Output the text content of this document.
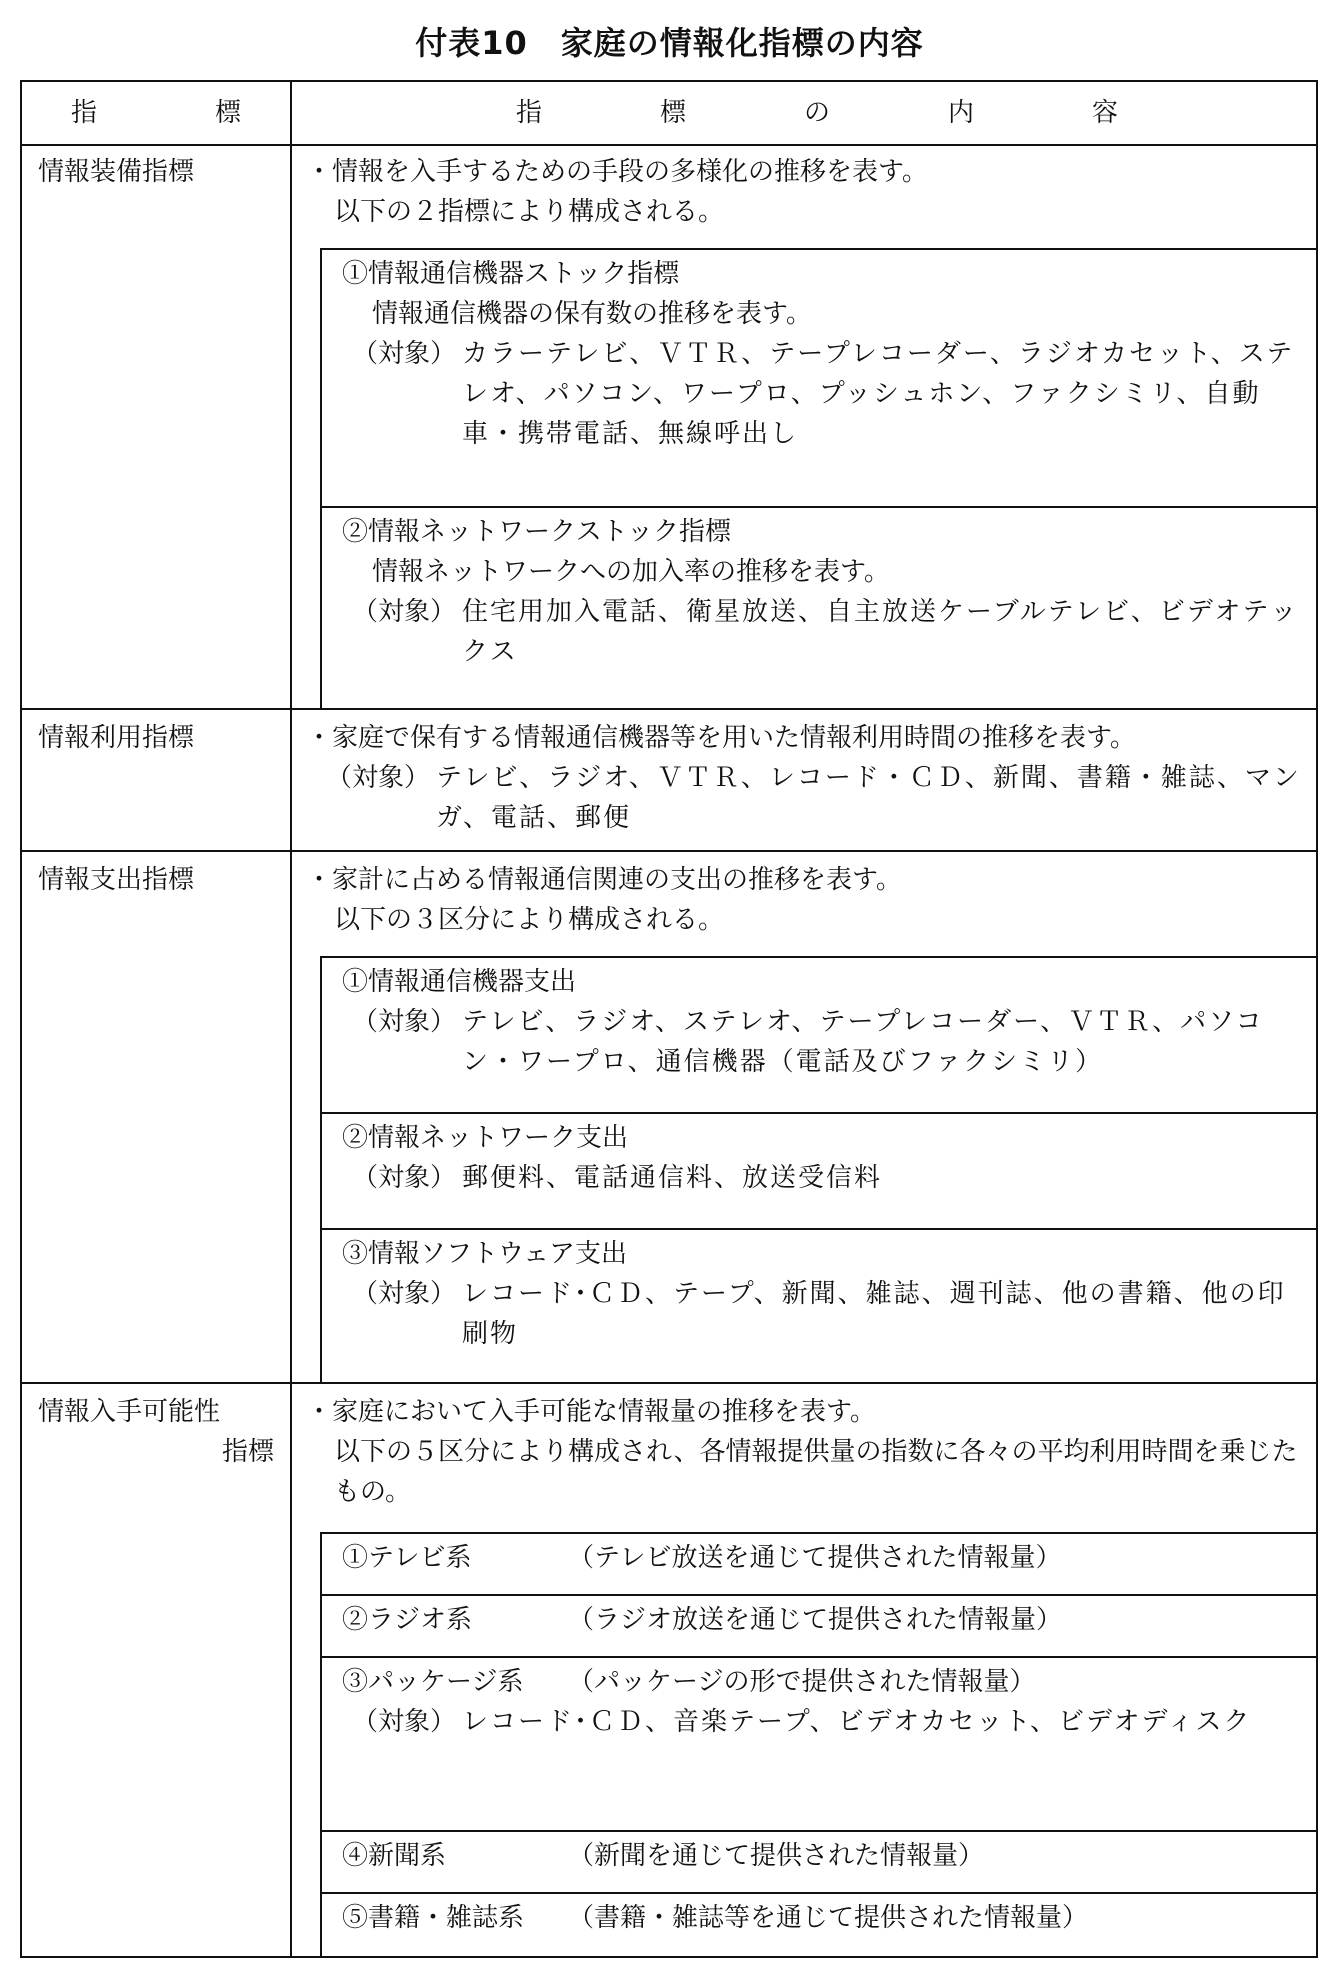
付表10　家庭の情報化指標の内容
指　標	指　標　の　内　容
情報装備指標	・情報を入手するための手段の多様化の推移を表す。

以下の２指標により構成される。

①情報通信機器ストック指標
情報通信機器の保有数の推移を表す。
（対象） カラーテレビ、ＶＴＲ、テープレコーダー、ラジオカセット、ステレオ、パソコン、ワープロ、プッシュホン、ファクシミリ、自動車・携帯電話、無線呼出し
②情報ネットワークストック指標
情報ネットワークへの加入率の推移を表す。
（対象） 住宅用加入電話、衛星放送、自主放送ケーブルテレビ、ビデオテックス
情報利用指標	・家庭で保有する情報通信機器等を用いた情報利用時間の推移を表す。

（対象） テレビ、ラジオ、ＶＴＲ、レコード・ＣＤ、新聞、書籍・雑誌、マンガ、電話、郵便
情報支出指標	・家計に占める情報通信関連の支出の推移を表す。

以下の３区分により構成される。

①情報通信機器支出
（対象） テレビ、ラジオ、ステレオ、テープレコーダー、ＶＴＲ、パソコン・ワープロ、通信機器（電話及びファクシミリ）
②情報ネットワーク支出
（対象） 郵便料、電話通信料、放送受信料
③情報ソフトウェア支出
（対象） レコード･ＣＤ、テープ、新聞、雑誌、週刊誌、他の書籍、他の印刷物
情報入手可能性
指標

・家庭において入手可能な情報量の推移を表す。

以下の５区分により構成され、各情報提供量の指数に各々の平均利用時間を乗じたもの。

①テレビ系	（テレビ放送を通じて提供された情報量）
②ラジオ系	（ラジオ放送を通じて提供された情報量）
③パッケージ系	（パッケージの形で提供された情報量）
（対象） レコード･ＣＤ、音楽テープ、ビデオカセット、ビデオディスク
④新聞系	（新聞を通じて提供された情報量）
⑤書籍・雑誌系	（書籍・雑誌等を通じて提供された情報量）
